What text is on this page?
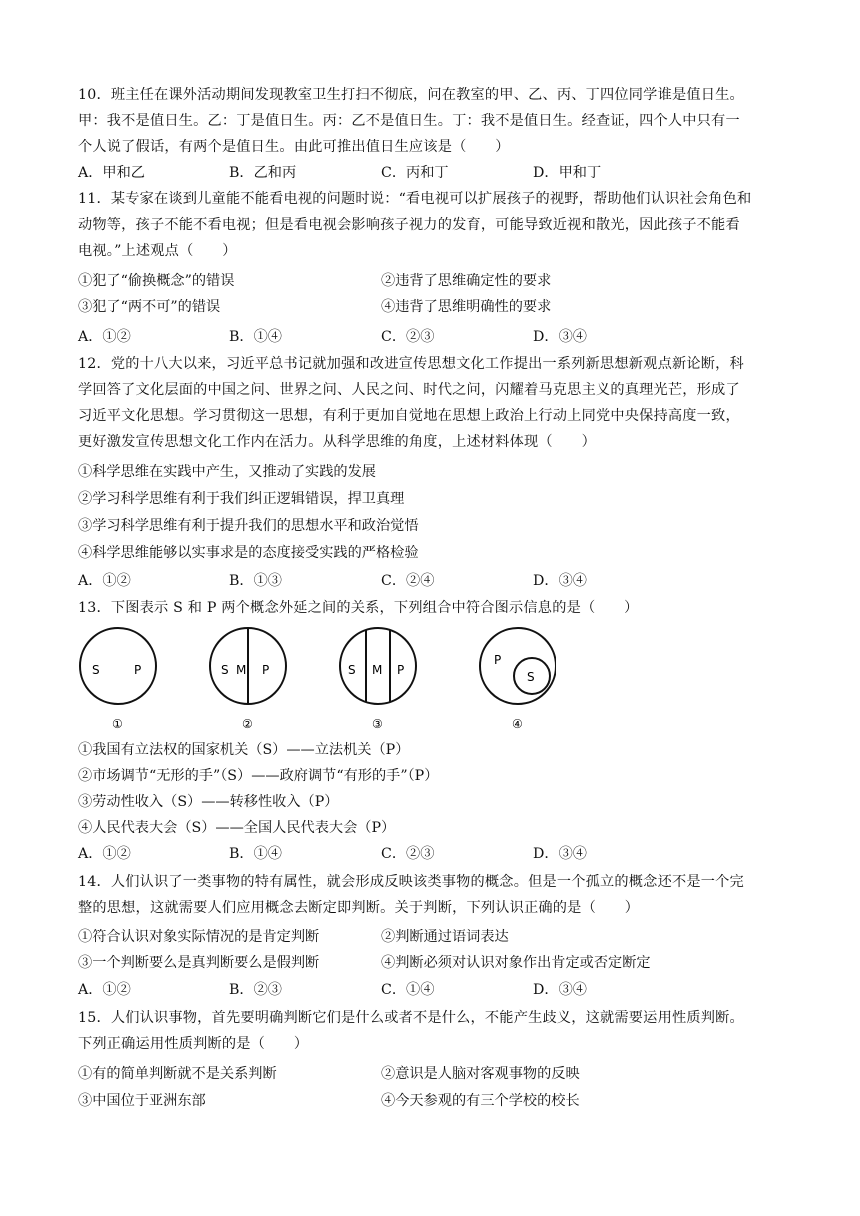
10．班主任在课外活动期间发现教室卫生打扫不彻底，问在教室的甲、乙、丙、丁四位同学谁是值日生。
甲：我不是值日生。乙：丁是值日生。丙：乙不是值日生。丁：我不是值日生。经查证，四个人中只有一
个人说了假话，有两个是值日生。由此可推出值日生应该是（　　）
A．甲和乙	B．乙和丙	C．丙和丁	D．甲和丁
11．某专家在谈到儿童能不能看电视的问题时说：“看电视可以扩展孩子的视野，帮助他们认识社会角色和
动物等，孩子不能不看电视；但是看电视会影响孩子视力的发育，可能导致近视和散光，因此孩子不能看
电视。”上述观点（　　）
①犯了“偷换概念”的错误	②违背了思维确定性的要求
③犯了“两不可”的错误	④违背了思维明确性的要求
A．①②	B．①④	C．②③	D．③④
12．党的十八大以来，习近平总书记就加强和改进宣传思想文化工作提出一系列新思想新观点新论断，科
学回答了文化层面的中国之问、世界之问、人民之问、时代之问，闪耀着马克思主义的真理光芒，形成了
习近平文化思想。学习贯彻这一思想，有利于更加自觉地在思想上政治上行动上同党中央保持高度一致，
更好激发宣传思想文化工作内在活力。从科学思维的角度，上述材料体现（　　）
①科学思维在实践中产生，又推动了实践的发展
②学习科学思维有利于我们纠正逻辑错误，捍卫真理
③学习科学思维有利于提升我们的思想水平和政治觉悟
④科学思维能够以实事求是的态度接受实践的严格检验
A．①②	B．①③	C．②④	D．③④
13．下图表示 S 和 P 两个概念外延之间的关系，下列组合中符合图示信息的是（　　）
S	P
①
S M P
②
S M P
③
P
S
④
①我国有立法权的国家机关（S）——立法机关（P）
②市场调节“无形的手”（S）——政府调节“有形的手”（P）
③劳动性收入（S）——转移性收入（P）
④人民代表大会（S）——全国人民代表大会（P）
A．①②	B．①④	C．②③	D．③④
14．人们认识了一类事物的特有属性，就会形成反映该类事物的概念。但是一个孤立的概念还不是一个完
整的思想，这就需要人们应用概念去断定即判断。关于判断，下列认识正确的是（　　）
①符合认识对象实际情况的是肯定判断	②判断通过语词表达
③一个判断要么是真判断要么是假判断	④判断必须对认识对象作出肯定或否定断定
A．①②	B．②③	C．①④	D．③④
15．人们认识事物，首先要明确判断它们是什么或者不是什么，不能产生歧义，这就需要运用性质判断。
下列正确运用性质判断的是（　　）
①有的简单判断就不是关系判断	②意识是人脑对客观事物的反映
③中国位于亚洲东部	④今天参观的有三个学校的校长
